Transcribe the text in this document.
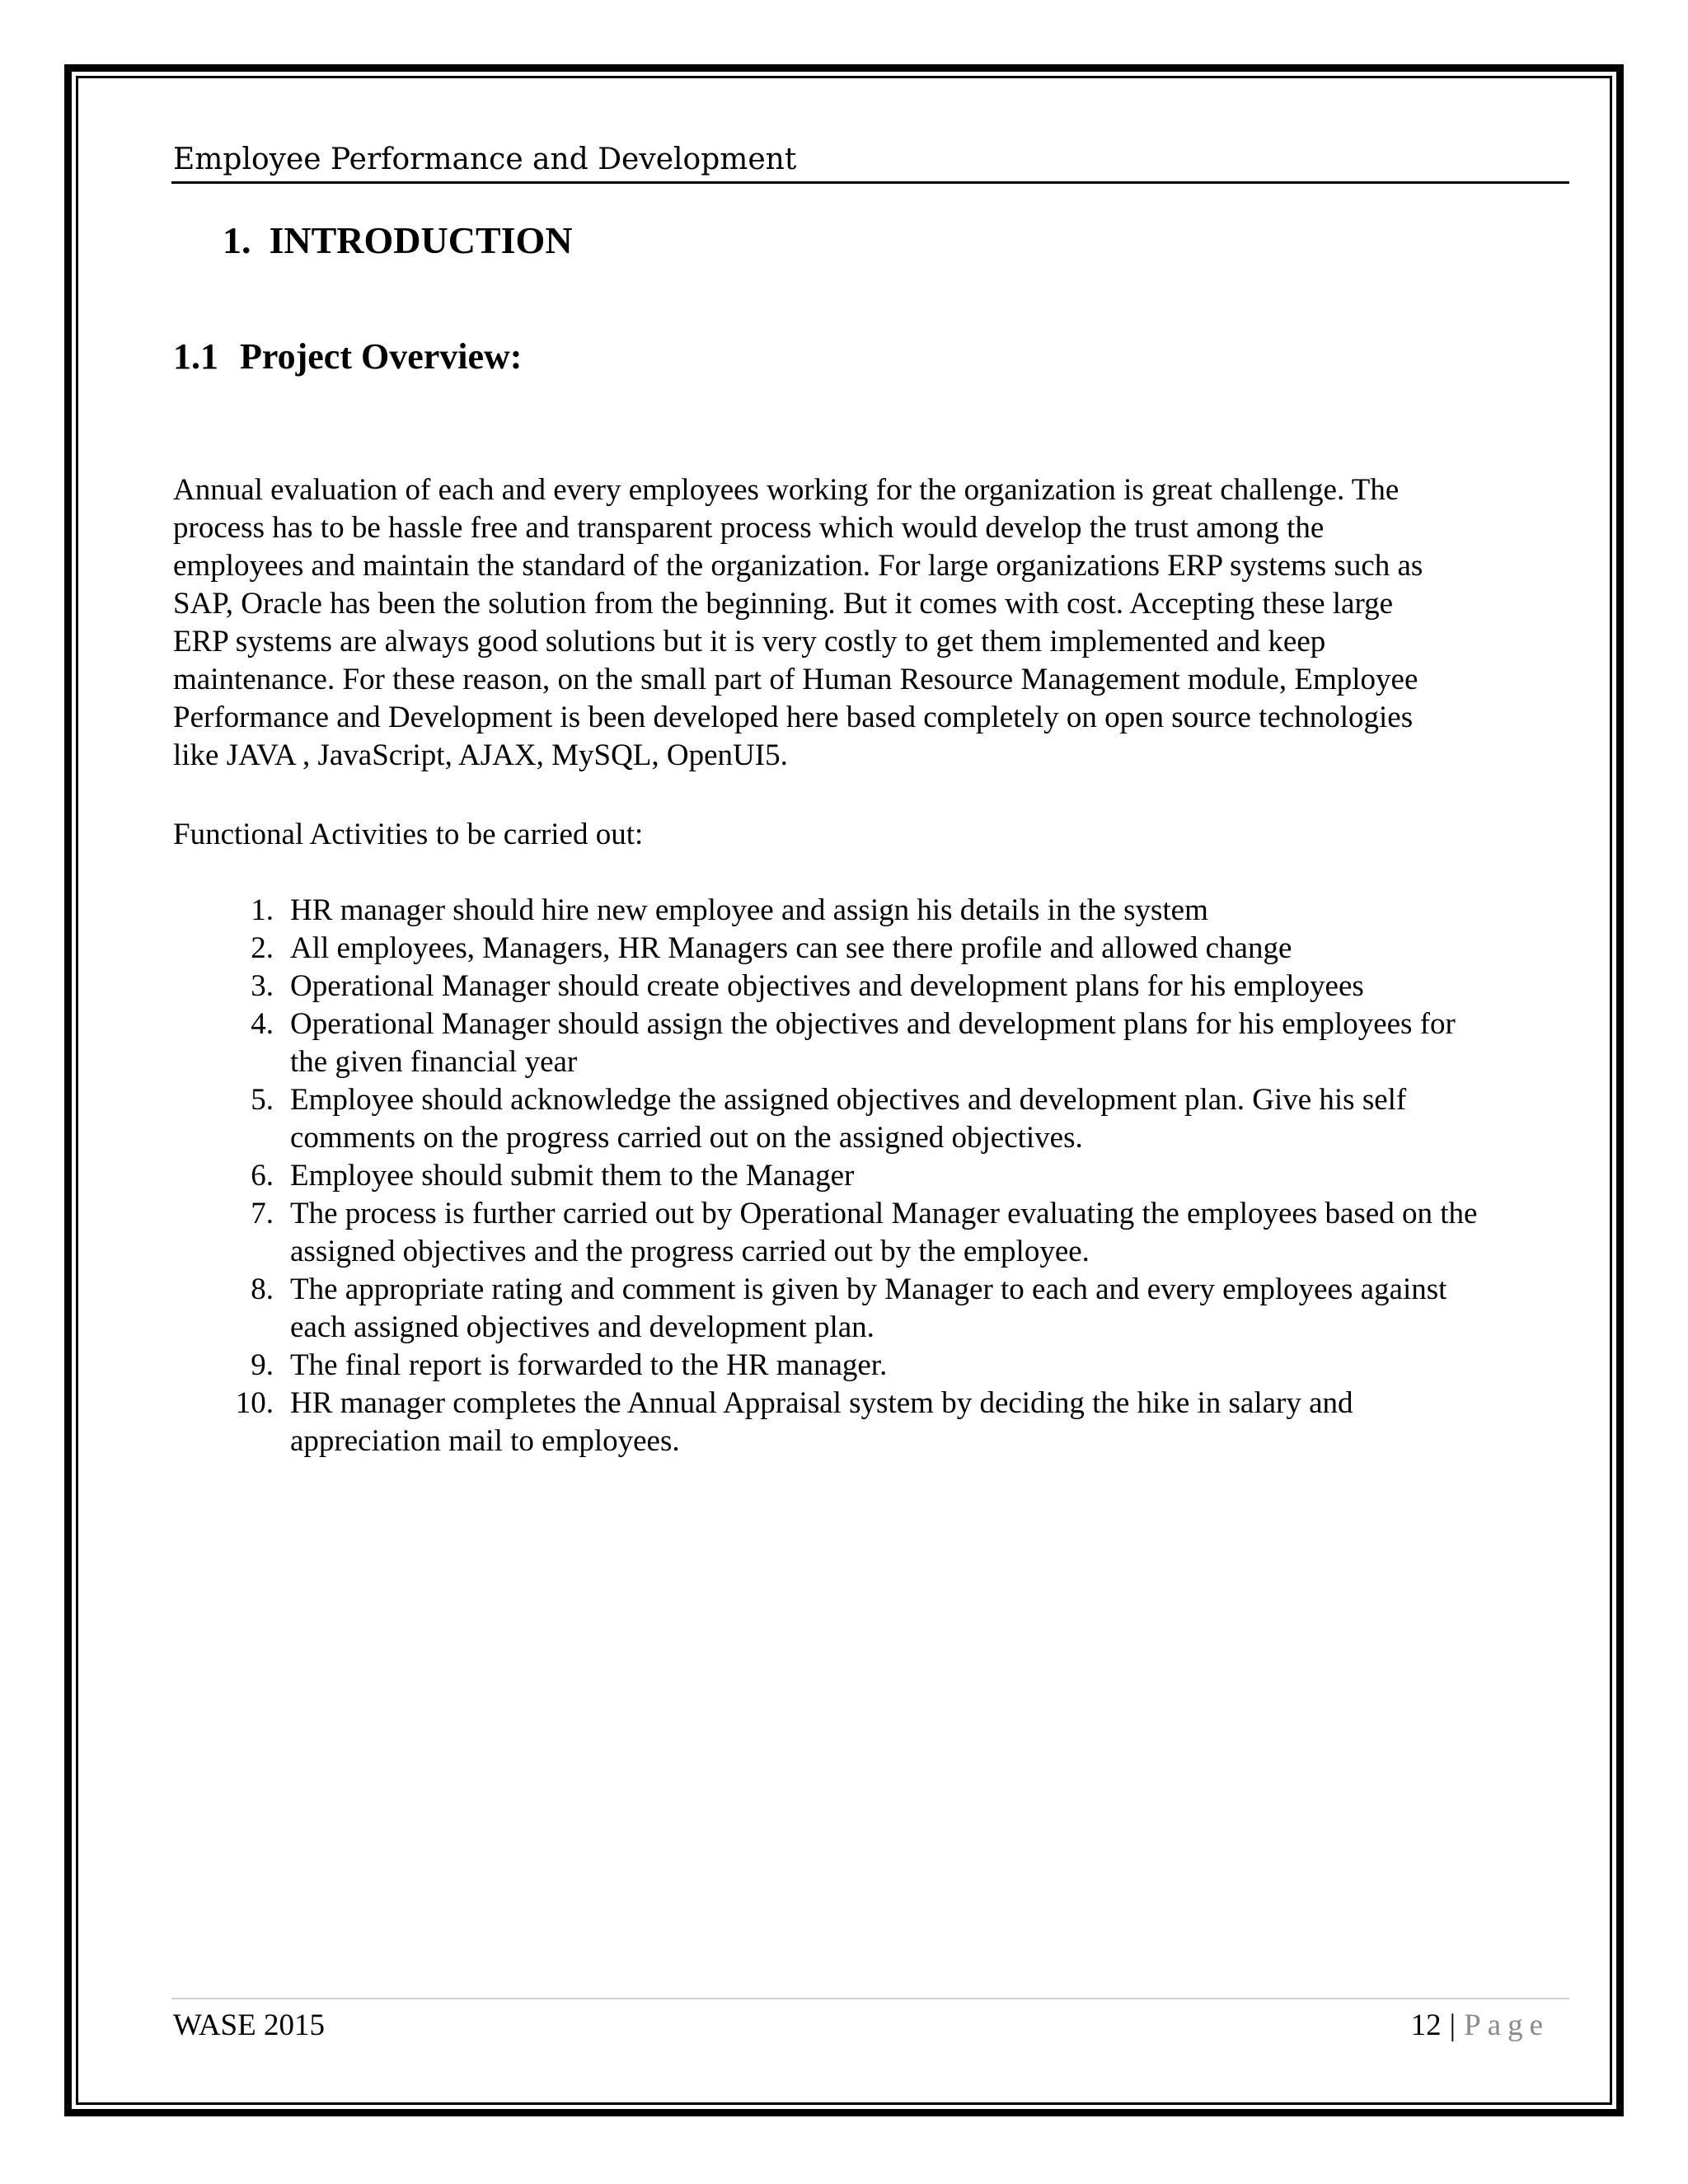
Employee Performance and Development
1. INTRODUCTION
1.1 Project Overview:
Annual evaluation of each and every employees working for the organization is great challenge. The
process has to be hassle free and transparent process which would develop the trust among the
employees and maintain the standard of the organization. For large organizations ERP systems such as
SAP, Oracle has been the solution from the beginning. But it comes with cost. Accepting these large
ERP systems are always good solutions but it is very costly to get them implemented and keep
maintenance. For these reason, on the small part of Human Resource Management module, Employee
Performance and Development is been developed here based completely on open source technologies
like JAVA , JavaScript, AJAX, MySQL, OpenUI5.
Functional Activities to be carried out:
1. HR manager should hire new employee and assign his details in the system
2. All employees, Managers, HR Managers can see there profile and allowed change
3. Operational Manager should create objectives and development plans for his employees
4. Operational Manager should assign the objectives and development plans for his employees for
the given financial year
5. Employee should acknowledge the assigned objectives and development plan. Give his self
comments on the progress carried out on the assigned objectives.
6. Employee should submit them to the Manager
7. The process is further carried out by Operational Manager evaluating the employees based on the
assigned objectives and the progress carried out by the employee.
8. The appropriate rating and comment is given by Manager to each and every employees against
each assigned objectives and development plan.
9. The final report is forwarded to the HR manager.
10. HR manager completes the Annual Appraisal system by deciding the hike in salary and
appreciation mail to employees.
WASE 2015	12 | Page
